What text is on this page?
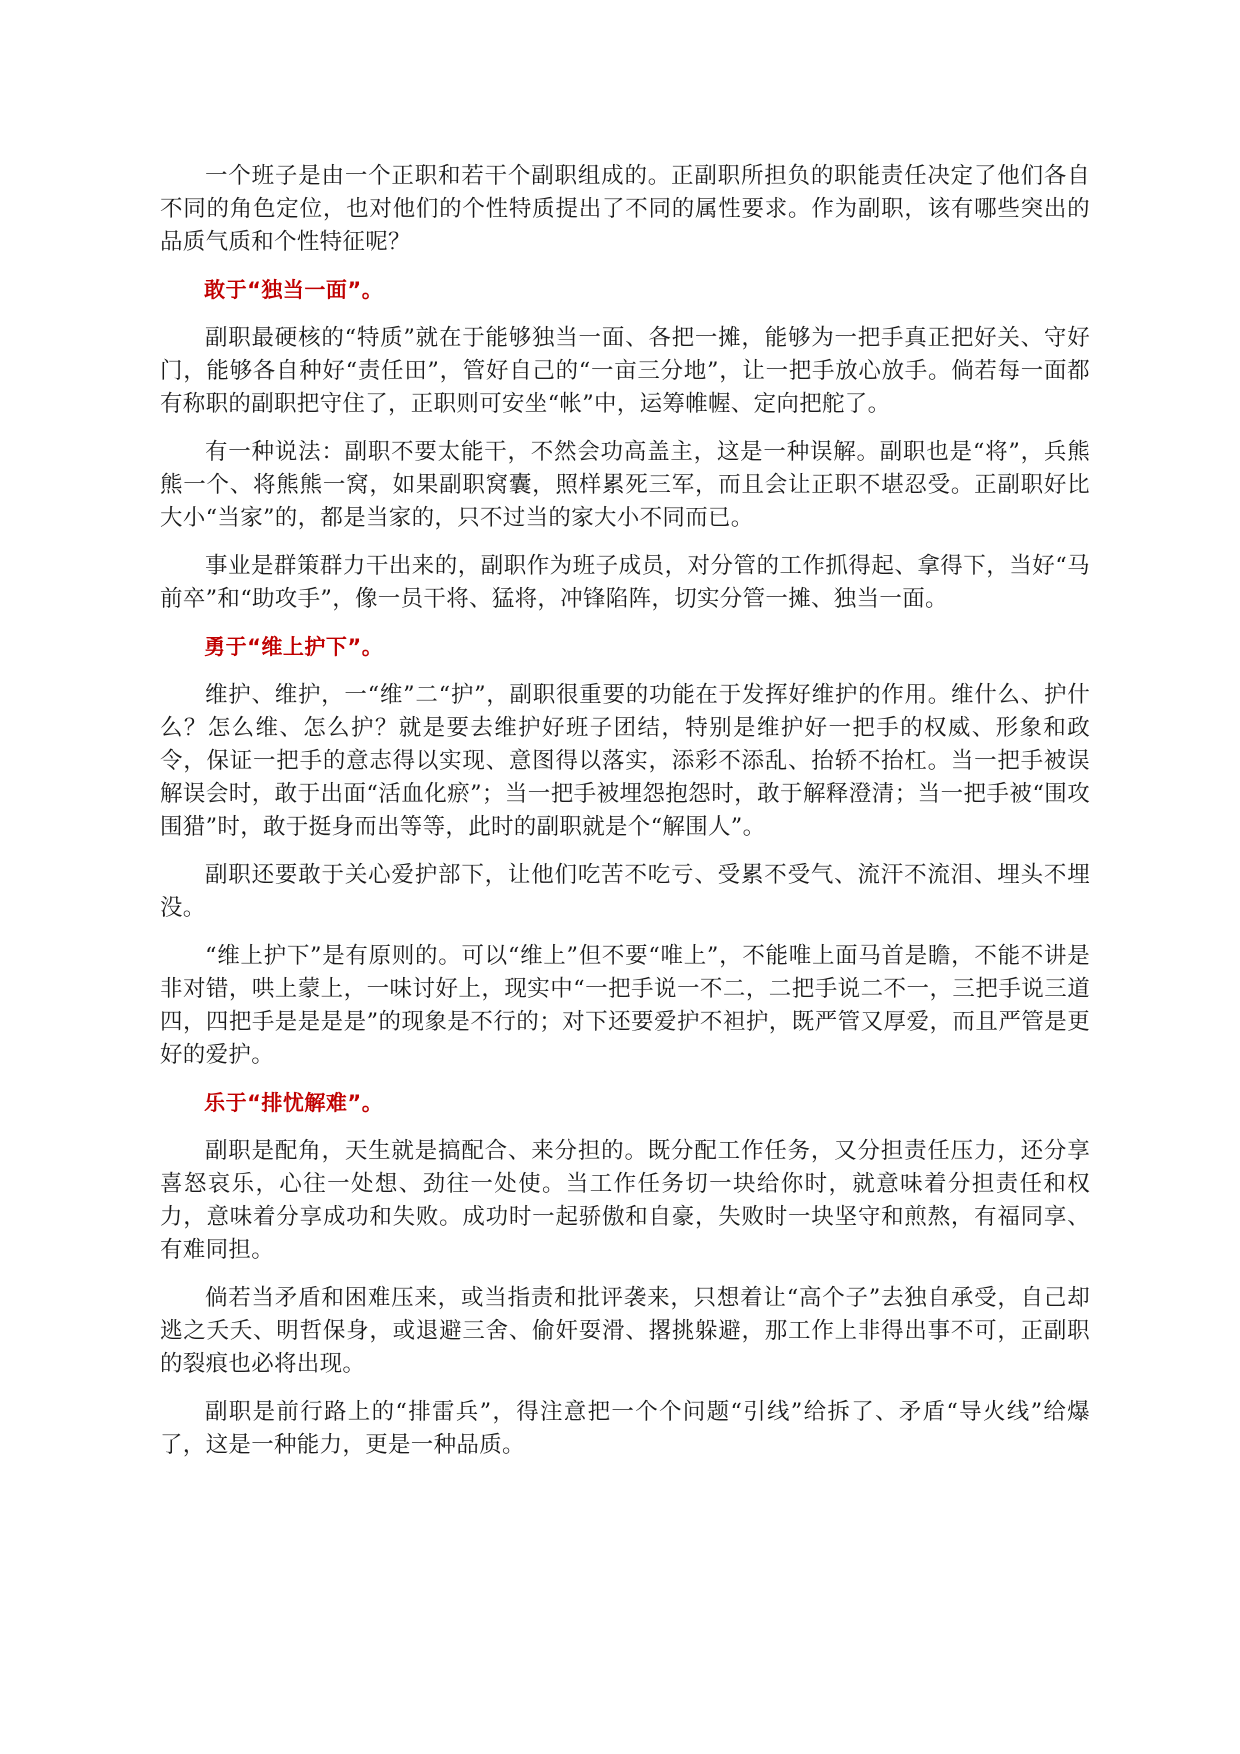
一个班子是由一个正职和若干个副职组成的。正副职所担负的职能责任决定了他们各自不同的角色定位，也对他们的个性特质提出了不同的属性要求。作为副职，该有哪些突出的品质气质和个性特征呢？

敢于“独当一面”。

副职最硬核的“特质”就在于能够独当一面、各把一摊，能够为一把手真正把好关、守好门，能够各自种好“责任田”，管好自己的“一亩三分地”，让一把手放心放手。倘若每一面都有称职的副职把守住了，正职则可安坐“帐”中，运筹帷幄、定向把舵了。

有一种说法：副职不要太能干，不然会功高盖主，这是一种误解。副职也是“将”，兵熊熊一个、将熊熊一窝，如果副职窝囊，照样累死三军，而且会让正职不堪忍受。正副职好比大小“当家”的，都是当家的，只不过当的家大小不同而已。

事业是群策群力干出来的，副职作为班子成员，对分管的工作抓得起、拿得下，当好“马前卒”和“助攻手”，像一员干将、猛将，冲锋陷阵，切实分管一摊、独当一面。

勇于“维上护下”。

维护、维护，一“维”二“护”，副职很重要的功能在于发挥好维护的作用。维什么、护什么？怎么维、怎么护？就是要去维护好班子团结，特别是维护好一把手的权威、形象和政令，保证一把手的意志得以实现、意图得以落实，添彩不添乱、抬轿不抬杠。当一把手被误解误会时，敢于出面“活血化瘀”；当一把手被埋怨抱怨时，敢于解释澄清；当一把手被“围攻围猎”时，敢于挺身而出等等，此时的副职就是个“解围人”。

副职还要敢于关心爱护部下，让他们吃苦不吃亏、受累不受气、流汗不流泪、埋头不埋没。

“维上护下”是有原则的。可以“维上”但不要“唯上”，不能唯上面马首是瞻，不能不讲是非对错，哄上蒙上，一味讨好上，现实中“一把手说一不二，二把手说二不一，三把手说三道四，四把手是是是是”的现象是不行的；对下还要爱护不袒护，既严管又厚爱，而且严管是更好的爱护。

乐于“排忧解难”。

副职是配角，天生就是搞配合、来分担的。既分配工作任务，又分担责任压力，还分享喜怒哀乐，心往一处想、劲往一处使。当工作任务切一块给你时，就意味着分担责任和权力，意味着分享成功和失败。成功时一起骄傲和自豪，失败时一块坚守和煎熬，有福同享、有难同担。

倘若当矛盾和困难压来，或当指责和批评袭来，只想着让“高个子”去独自承受，自己却逃之夭夭、明哲保身，或退避三舍、偷奸耍滑、撂挑躲避，那工作上非得出事不可，正副职的裂痕也必将出现。

副职是前行路上的“排雷兵”，得注意把一个个问题“引线”给拆了、矛盾“导火线”给爆了，这是一种能力，更是一种品质。
